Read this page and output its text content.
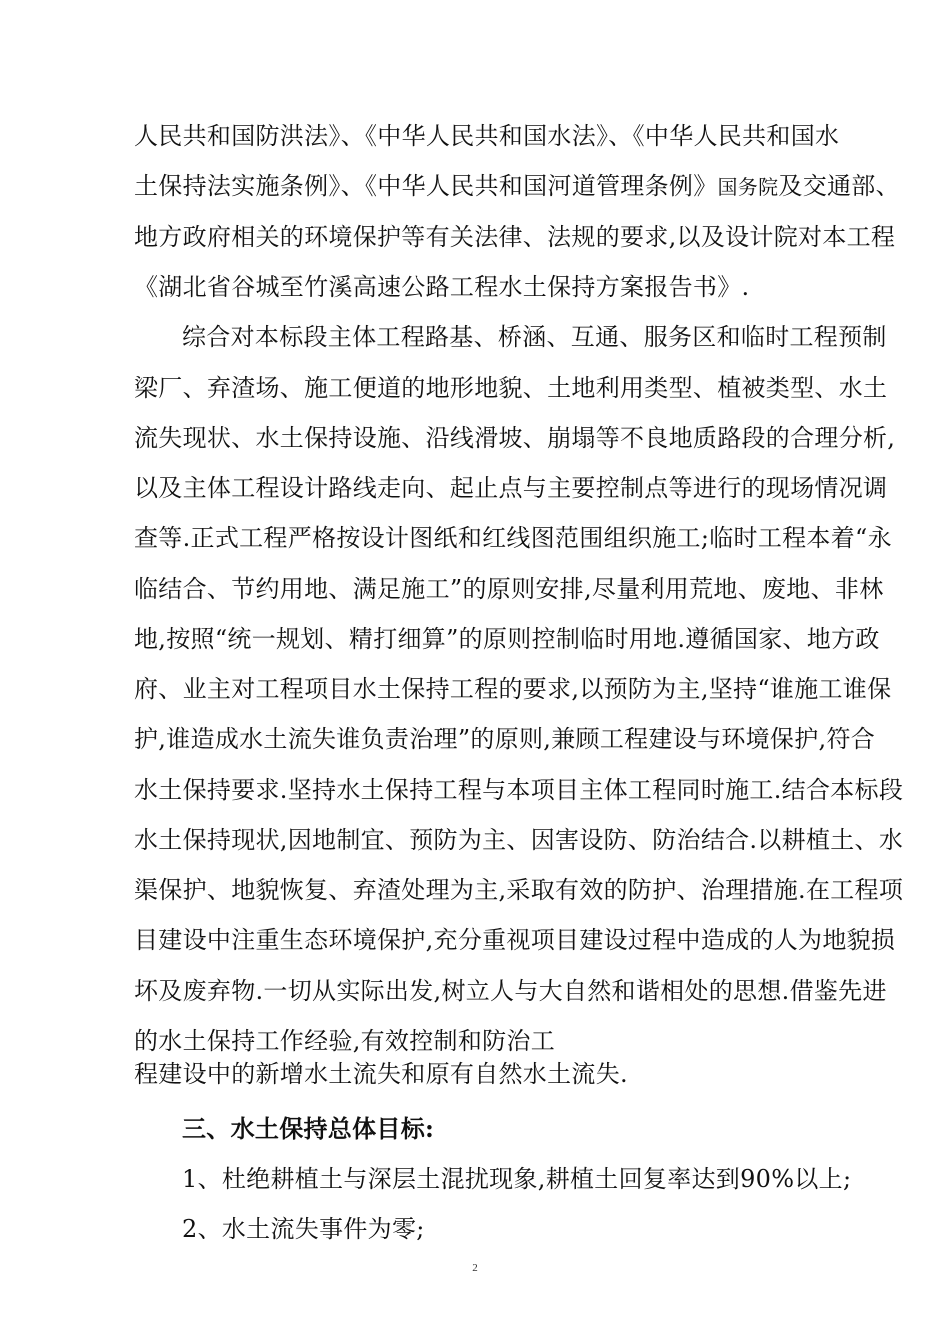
人民共和国防洪法》、《中华人民共和国水法》、《中华人民共和国水
土保持法实施条例》、《中华人民共和国河道管理条例》国务院及交通部、
地方政府相关的环境保护等有关法律、法规的要求,以及设计院对本工程
《湖北省谷城至竹溪高速公路工程水土保持方案报告书》.
综合对本标段主体工程路基、桥涵、互通、服务区和临时工程预制
梁厂、弃渣场、施工便道的地形地貌、土地利用类型、植被类型、水土
流失现状、水土保持设施、沿线滑坡、崩塌等不良地质路段的合理分析,
以及主体工程设计路线走向、起止点与主要控制点等进行的现场情况调
查等.正式工程严格按设计图纸和红线图范围组织施工;临时工程本着“永
临结合、节约用地、满足施工”的原则安排,尽量利用荒地、废地、非林
地,按照“统一规划、精打细算”的原则控制临时用地.遵循国家、地方政
府、业主对工程项目水土保持工程的要求,以预防为主,坚持“谁施工谁保
护,谁造成水土流失谁负责治理”的原则,兼顾工程建设与环境保护,符合
水土保持要求.坚持水土保持工程与本项目主体工程同时施工.结合本标段
水土保持现状,因地制宜、预防为主、因害设防、防治结合.以耕植土、水
渠保护、地貌恢复、弃渣处理为主,采取有效的防护、治理措施.在工程项
目建设中注重生态环境保护,充分重视项目建设过程中造成的人为地貌损
坏及废弃物.一切从实际出发,树立人与大自然和谐相处的思想.借鉴先进
的水土保持工作经验,有效控制和防治工
程建设中的新增水土流失和原有自然水土流失.
三、水土保持总体目标:
1、杜绝耕植土与深层土混扰现象,耕植土回复率达到90%以上;
2、水土流失事件为零;
2
